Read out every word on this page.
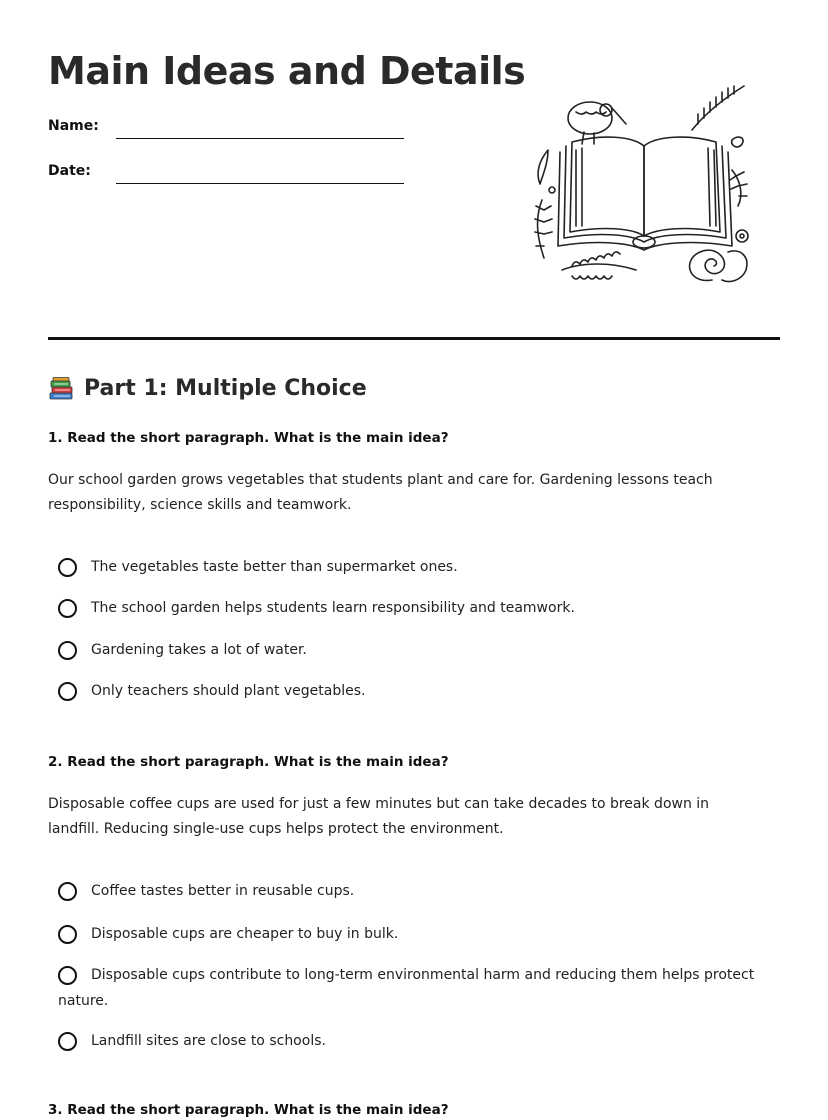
Main Ideas and Details
Name:
Date:
Part 1: Multiple Choice

1. Read the short paragraph. What is the main idea?

Our school garden grows vegetables that students plant and care for. Gardening lessons teach responsibility, science skills and teamwork.

The vegetables taste better than supermarket ones.
The school garden helps students learn responsibility and teamwork.
Gardening takes a lot of water.
Only teachers should plant vegetables.

2. Read the short paragraph. What is the main idea?

Disposable coffee cups are used for just a few minutes but can take decades to break down in landfill. Reducing single-use cups helps protect the environment.

Coffee tastes better in reusable cups.
Disposable cups are cheaper to buy in bulk.
Disposable cups contribute to long-term environmental harm and reducing them helps protect nature.
Landfill sites are close to schools.

3. Read the short paragraph. What is the main idea?
